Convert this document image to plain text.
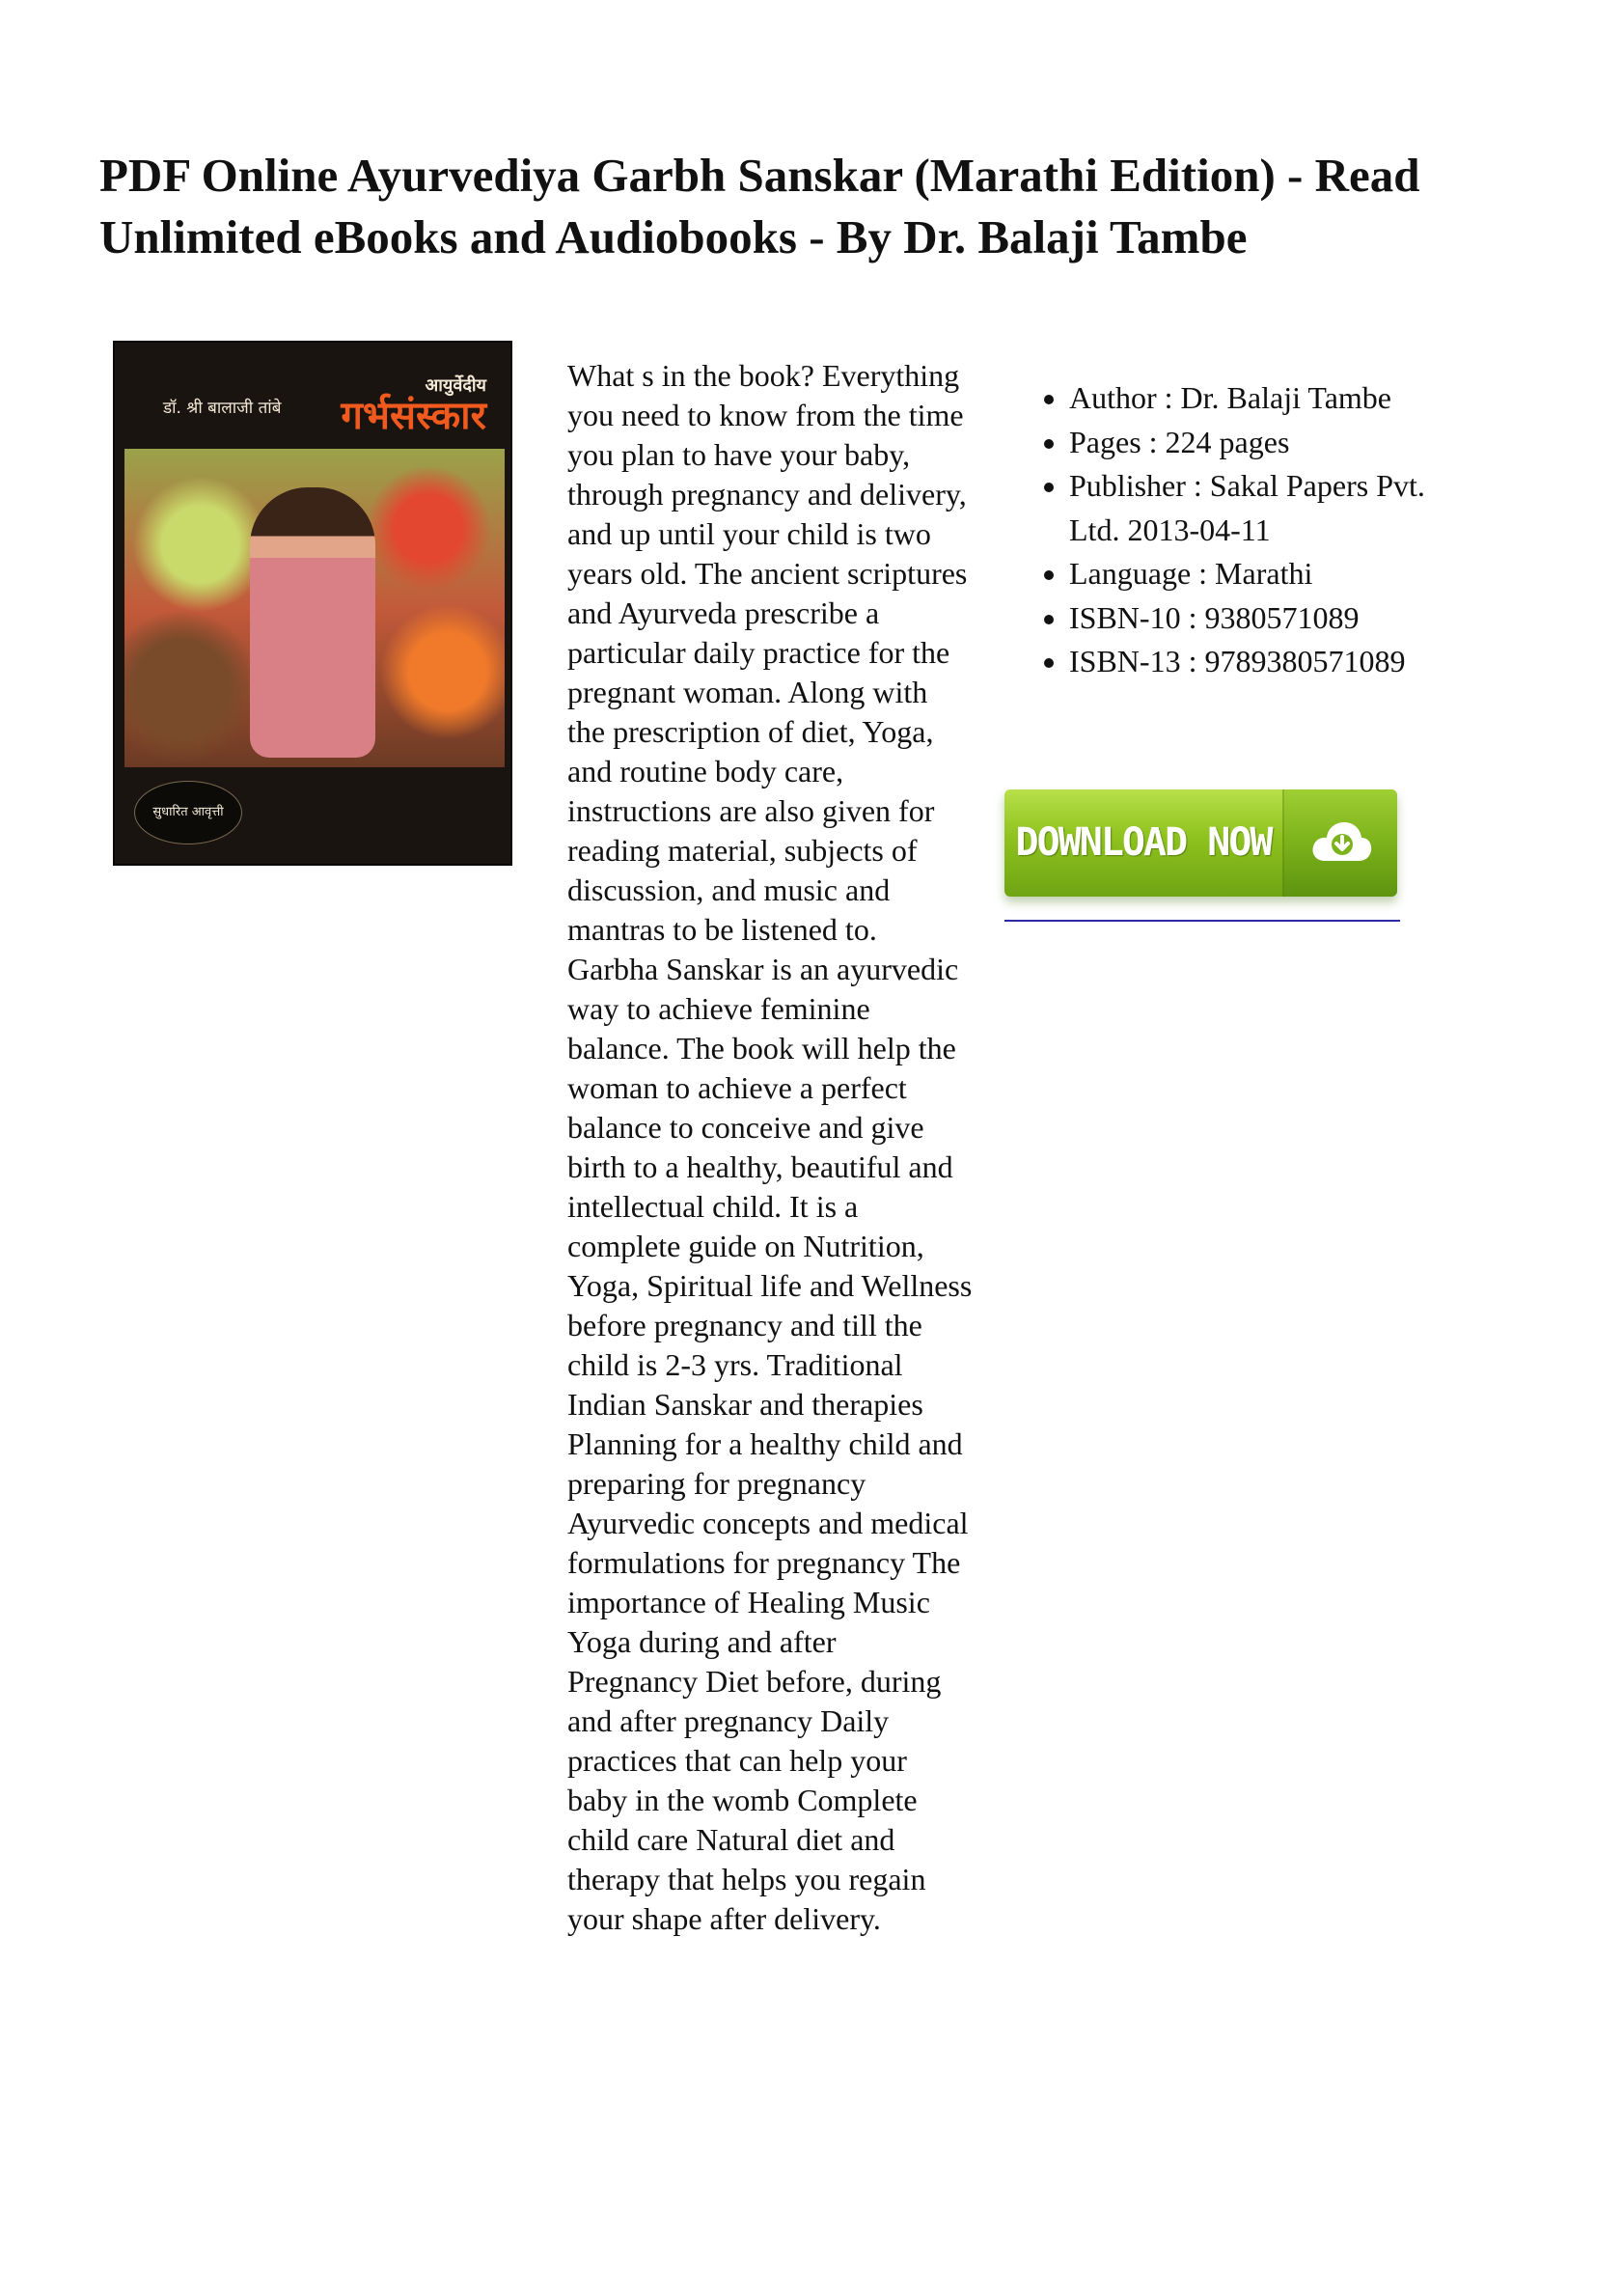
PDF Online Ayurvediya Garbh Sanskar (Marathi Edition) - Read Unlimited eBooks and Audiobooks - By Dr. Balaji Tambe
डॉ. श्री बालाजी तांबे
आयुर्वेदीय
गर्भसंस्कार
सुधारित आवृत्ती

What s in the book? Everything you need to know from the time you plan to have your baby, through pregnancy and delivery, and up until your child is two years old. The ancient scriptures and Ayurveda prescribe a particular daily practice for the pregnant woman. Along with the prescription of diet, Yoga, and routine body care, instructions are also given for reading material, subjects of discussion, and music and mantras to be listened to. Garbha Sanskar is an ayurvedic way to achieve feminine balance. The book will help the woman to achieve a perfect balance to conceive and give birth to a healthy, beautiful and intellectual child. It is a complete guide on Nutrition, Yoga, Spiritual life and Wellness before pregnancy and till the child is 2-3 yrs. Traditional Indian Sanskar and therapies Planning for a healthy child and preparing for pregnancy Ayurvedic concepts and medical formulations for pregnancy The importance of Healing Music Yoga during and after Pregnancy Diet before, during and after pregnancy Daily practices that can help your baby in the womb Complete child care Natural diet and therapy that helps you regain your shape after delivery.

• Author : Dr. Balaji Tambe
• Pages : 224 pages
• Publisher : Sakal Papers Pvt. Ltd. 2013-04-11
• Language : Marathi
• ISBN-10 : 9380571089
• ISBN-13 : 9789380571089
DOWNLOAD NOW
